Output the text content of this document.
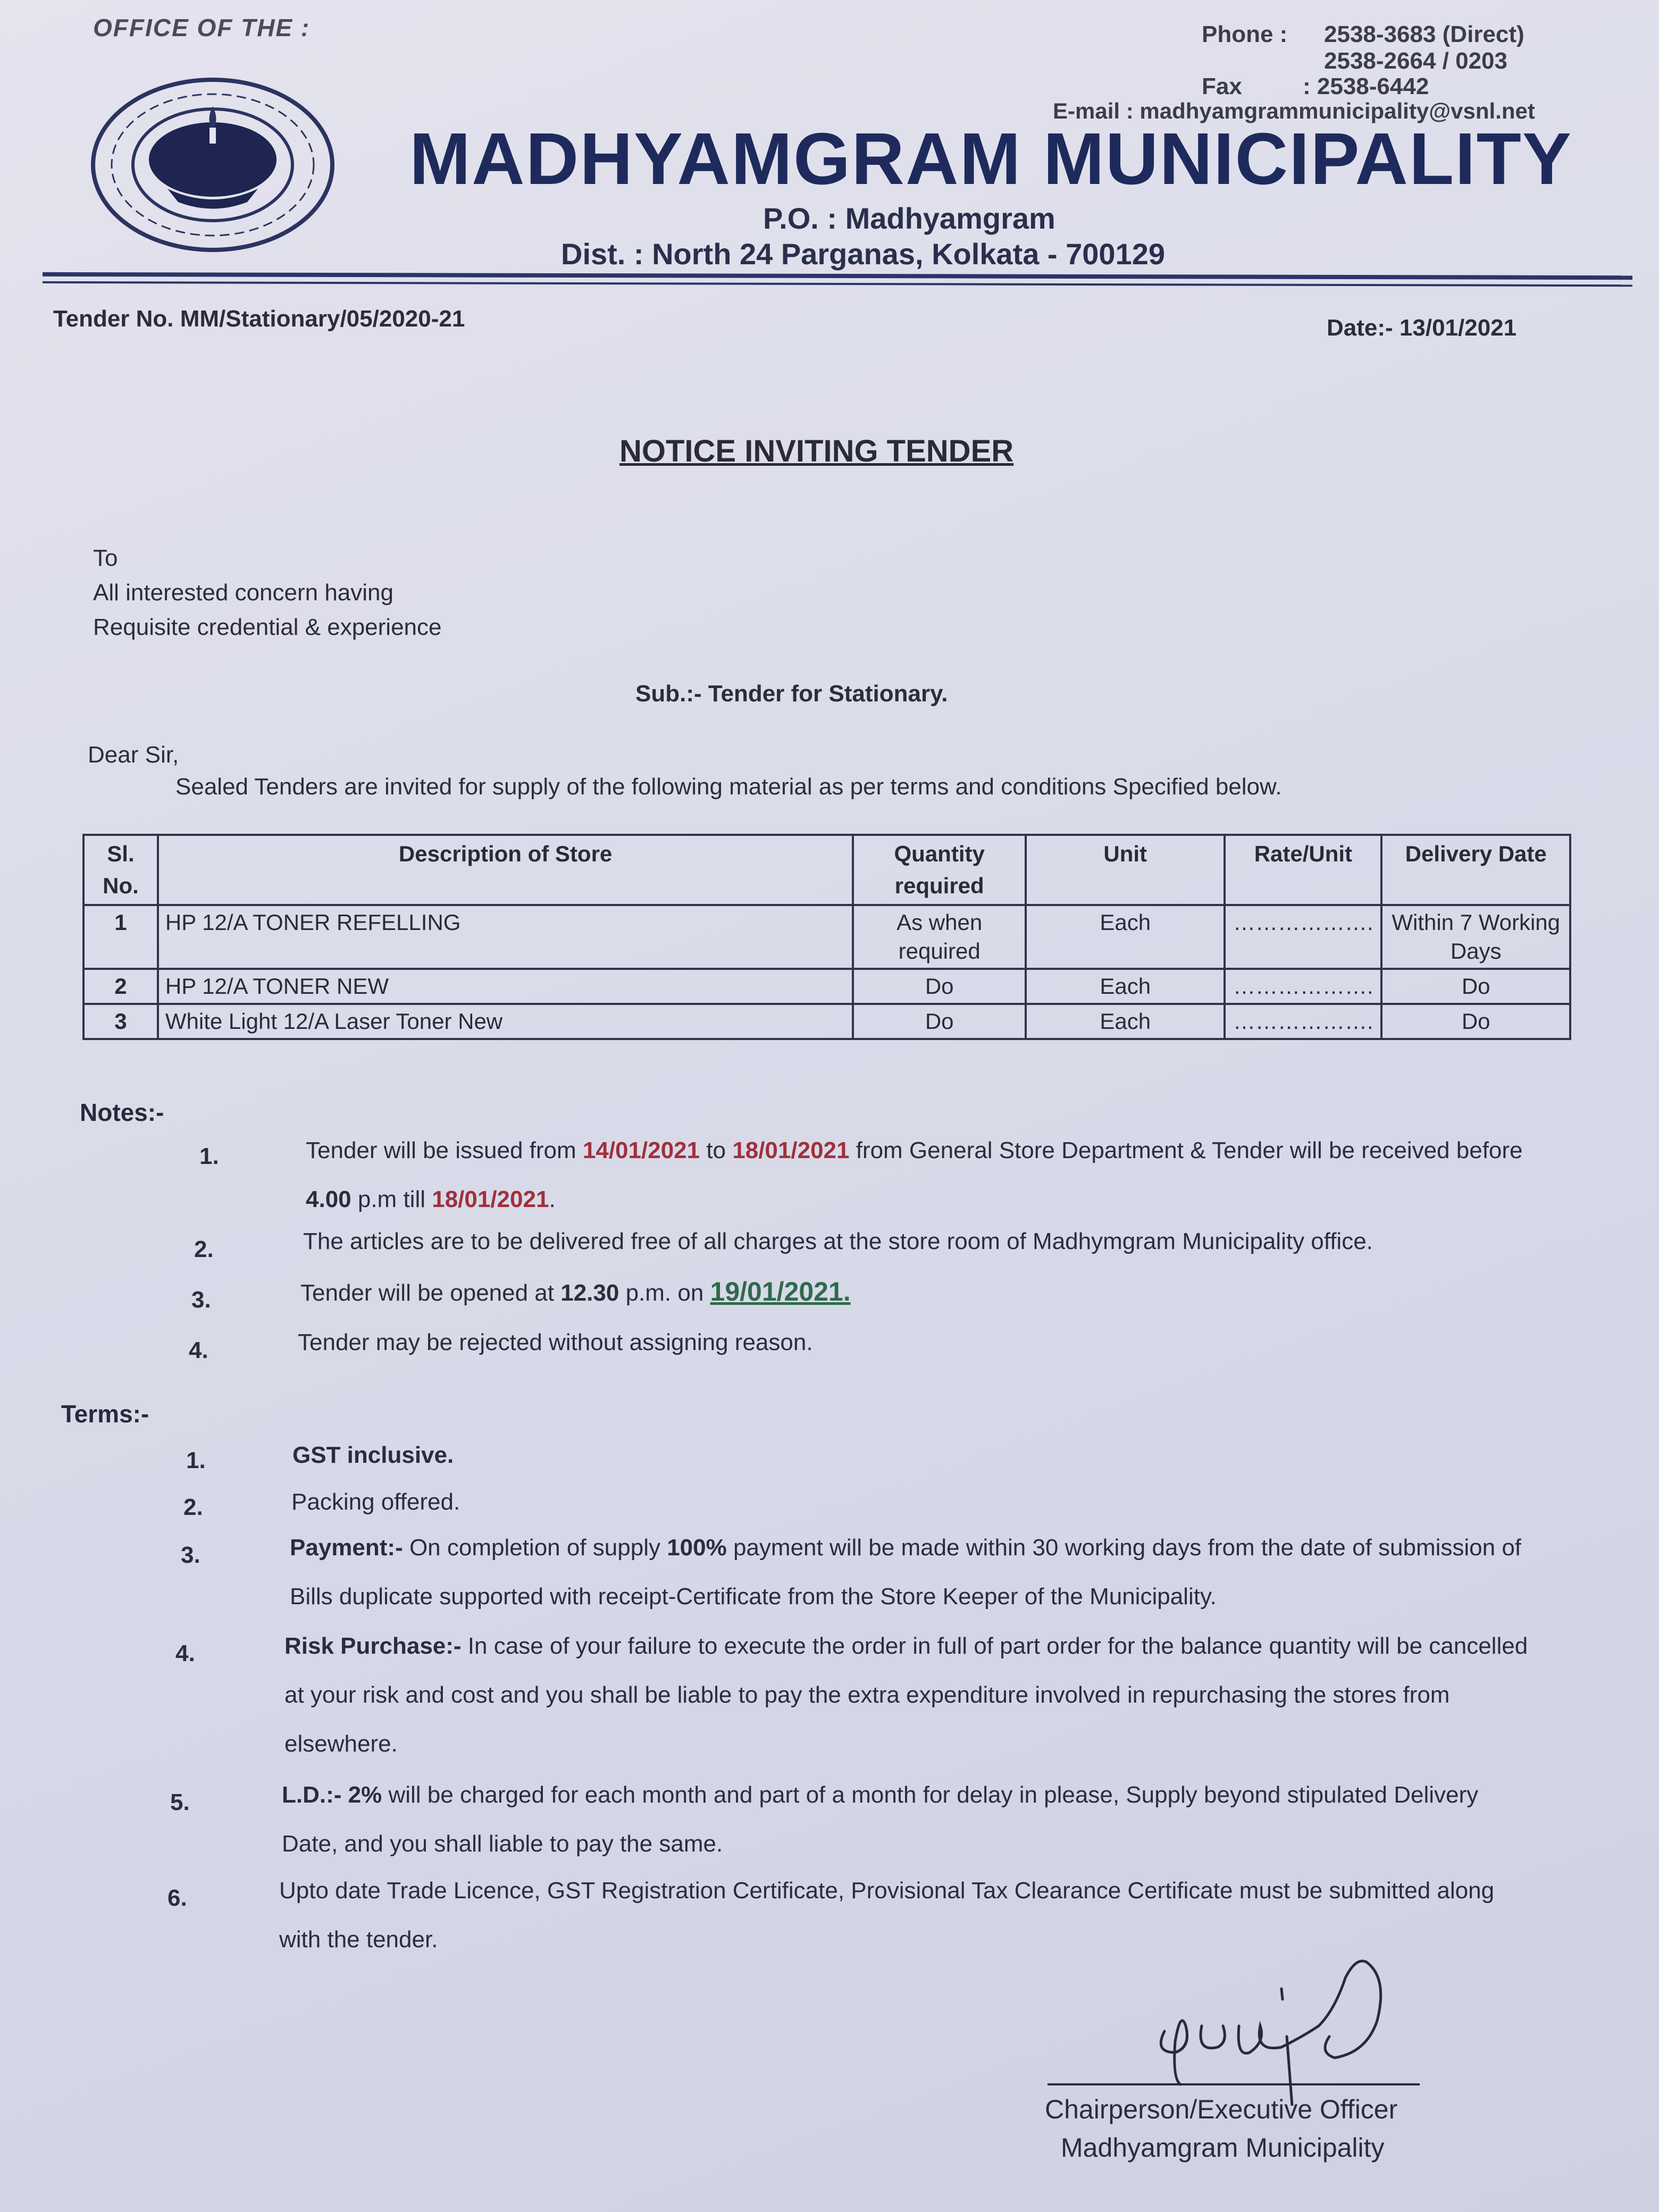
OFFICE OF THE :	Phone : 2538-3683 (Direct)
2538-2664 / 0203
Fax	: 2538-6442
E-mail : madhyamgrammunicipality@vsnl.net
MADHYAMGRAM MUNICIPALITY
P.O. : Madhyamgram
Dist. : North 24 Parganas, Kolkata - 700129
Tender No. MM/Stationary/05/2020-21	Date:- 13/01/2021
NOTICE INVITING TENDER
To
All interested concern having
Requisite credential & experience
Sub.:- Tender for Stationary.
Dear Sir,
Sealed Tenders are invited for supply of the following material as per terms and conditions Specified below.
Sl. No.	Description of Store	Quantity required	Unit	Rate/Unit	Delivery Date
1	HP 12/A TONER REFELLING	As when required	Each	……………….	Within 7 Working Days
2	HP 12/A TONER NEW	Do	Each	……………….	Do
3	White Light 12/A Laser Toner New	Do	Each	……………….	Do
Notes:-
1.	Tender will be issued from 14/01/2021 to 18/01/2021 from General Store Department & Tender will be received before
4.00 p.m till 18/01/2021.
2.	The articles are to be delivered free of all charges at the store room of Madhymgram Municipality office.
3.	Tender will be opened at 12.30 p.m. on 19/01/2021.
4.	Tender may be rejected without assigning reason.
Terms:-
1.	GST inclusive.
2.	Packing offered.
3.	Payment:- On completion of supply 100% payment will be made within 30 working days from the date of submission of
Bills duplicate supported with receipt-Certificate from the Store Keeper of the Municipality.
4.	Risk Purchase:- In case of your failure to execute the order in full of part order for the balance quantity will be cancelled
at your risk and cost and you shall be liable to pay the extra expenditure involved in repurchasing the stores from
elsewhere.
5.	L.D.:- 2% will be charged for each month and part of a month for delay in please, Supply beyond stipulated Delivery
Date, and you shall liable to pay the same.
6.	Upto date Trade Licence, GST Registration Certificate, Provisional Tax Clearance Certificate must be submitted along
with the tender.
Chairperson/Executive Officer
Madhyamgram Municipality
